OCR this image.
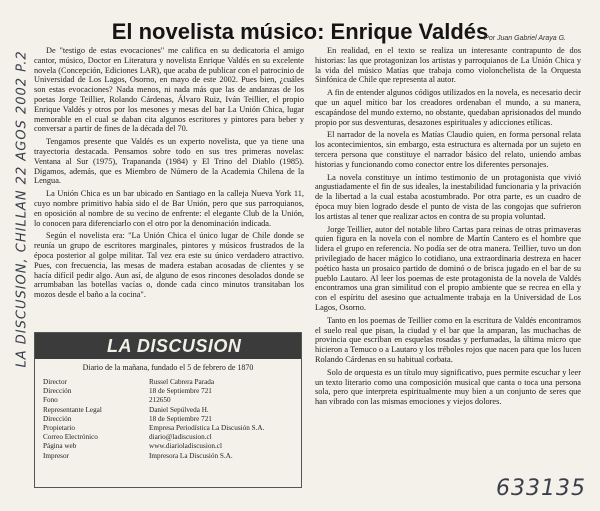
LA DISCUSION, CHILLAN 22 AGOS 2002 P.2
El novelista músico: Enrique Valdés
Por Juan Gabriel Araya G.

De "testigo de estas evocaciones" me califica en su dedicatoria el amigo cantor, músico, Doctor en Literatura y novelista Enrique Valdés en su excelente novela (Concepción, Ediciones LAR), que acaba de publicar con el patrocinio de Universidad de Los Lagos, Osorno, en mayo de este 2002. Pues bien, ¿cuáles son estas evocaciones? Nada menos, ni nada más que las de andanzas de los poetas Jorge Teillier, Rolando Cárdenas, Álvaro Ruiz, Iván Teillier, el propio Enrique Valdés y otros por los mesones y mesas del bar La Unión Chica, lugar memorable en el cual se daban cita algunos escritores y pintores para beber y conversar a partir de fines de la década del 70.

Tengamos presente que Valdés es un experto novelista, que ya tiene una trayectoria destacada. Pensamos sobre todo en sus tres primeras novelas: Ventana al Sur (1975), Trapananda (1984) y El Trino del Diablo (1985). Digamos, además, que es Miembro de Número de la Academia Chilena de la Lengua.

La Unión Chica es un bar ubicado en Santiago en la calleja Nueva York 11, cuyo nombre primitivo había sido el de Bar Unión, pero que sus parroquianos, en oposición al nombre de su vecino de enfrente: el elegante Club de la Unión, lo conocen para diferenciarlo con el otro por la denominación indicada.

Según el novelista era: "La Unión Chica el único lugar de Chile donde se reunía un grupo de escritores marginales, pintores y músicos frustrados de la época posterior al golpe militar. Tal vez era este su único verdadero atractivo. Pues, con frecuencia, las mesas de madera estaban acosadas de clientes y se hacía difícil pedir algo. Aun así, de alguno de esos rincones desolados donde se arrumbaban las botellas vacías o, donde cada cinco minutos transitaban los mozos desde el baño a la cocina".

LA DISCUSION
Diario de la mañana, fundado el 5 de febrero de 1870
Director	Russel Cabrera Parada
Dirección	18 de Septiembre 721
Fono	212650
Representante Legal	Daniel Sepúlveda H.
Dirección	18 de Septiembre 721
Propietario	Empresa Periodística La Discusión S.A.
Correo Electrónico	diario@ladiscusion.cl
Página web	www.diarioladiscusion.cl
Impresor	Impresora La Discusión S.A.

En realidad, en el texto se realiza un interesante contrapunto de dos historias: las que protagonizan los artistas y parroquianos de La Unión Chica y la vida del músico Matías que trabaja como violonchelista de la Orquesta Sinfónica de Chile que representa al autor.

A fin de entender algunos códigos utilizados en la novela, es necesario decir que un aquel mítico bar los creadores ordenaban el mundo, a su manera, escapándose del mundo externo, no obstante, quedaban aprisionados del mundo propio por sus desventuras, desazones espirituales y adicciones etílicas.

El narrador de la novela es Matías Claudio quien, en forma personal relata los acontecimientos, sin embargo, esta estructura es alternada por un sujeto en tercera persona que constituye el narrador básico del relato, uniendo ambas historias y funcionando como conector entre los diferentes personajes.

La novela constituye un íntimo testimonio de un protagonista que vivió angustiadamente el fin de sus ideales, la inestabilidad funcionaria y la privación de la libertad a la cual estaba acostumbrado. Por otra parte, es un cuadro de época muy bien logrado desde el punto de vista de las congojas que sufrieron los artistas al tener que realizar actos en contra de su propia voluntad.

Jorge Teillier, autor del notable libro Cartas para reinas de otras primaveras quien figura en la novela con el nombre de Martín Cantero es el hombre que lidera el grupo en referencia. No podía ser de otra manera. Teillier, tuvo un don privilegiado de hacer mágico lo cotidiano, una extraordinaria destreza en hacer poético hasta un prosaico partido de dominó o de brisca jugado en el bar de su pueblo Lautaro. Al leer los poemas de este protagonista de la novela de Valdés encontramos una gran similitud con el propio ambiente que se recrea en ella y con el espíritu del asesino que actualmente trabaja en la Universidad de Los Lagos, Osorno.

Tanto en los poemas de Teillier como en la escritura de Valdés encontramos el suelo real que pisan, la ciudad y el bar que la amparan, las muchachas de provincia que escriban en esquelas rosadas y perfumadas, la última micro que hicieron a Temuco o a Lautaro y los tréboles rojos que nacen para que los lucen Rolando Cárdenas en su habitual corbata.

Solo de orquesta es un título muy significativo, pues permite escuchar y leer un texto literario como una composición musical que canta o toca una persona sola, pero que interpreta espiritualmente muy bien a un conjunto de seres que han vibrado con las mismas emociones y viejos dolores.

633135
